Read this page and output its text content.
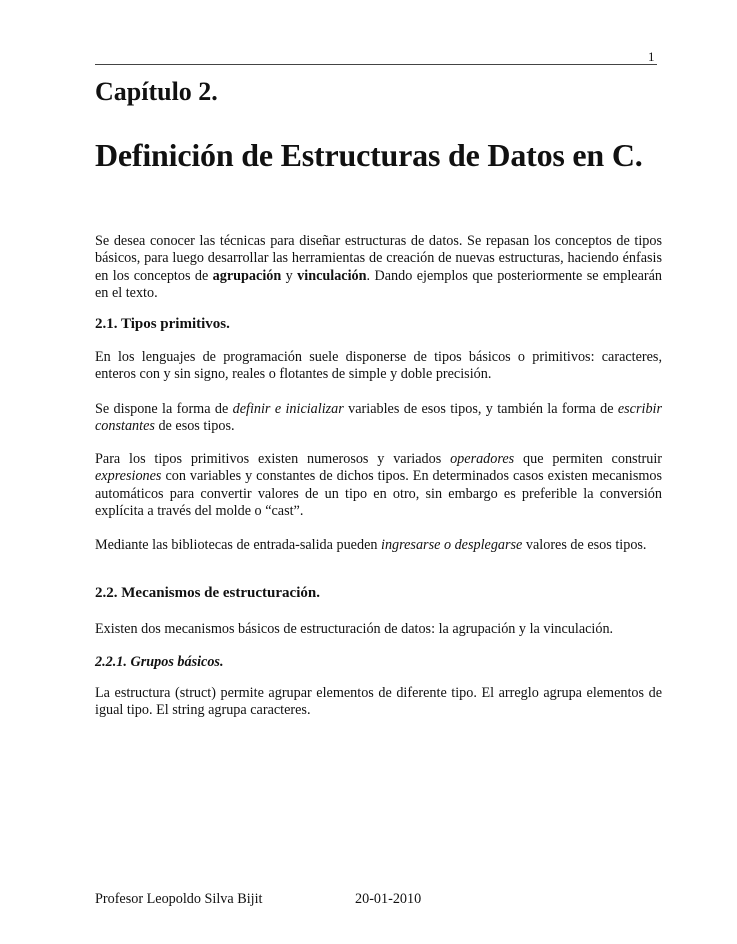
1
Capítulo 2.
Definición de Estructuras de Datos en C.

Se desea conocer las técnicas para diseñar estructuras de datos. Se repasan los conceptos de tipos básicos, para luego desarrollar las herramientas de creación de nuevas estructuras, haciendo énfasis en los conceptos de agrupación y vinculación. Dando ejemplos que posteriormente se emplearán en el texto.

2.1. Tipos primitivos.

En los lenguajes de programación suele disponerse de tipos básicos o primitivos: caracteres, enteros con y sin signo, reales o flotantes de simple y doble precisión.

Se dispone la forma de definir e inicializar variables de esos tipos, y también la forma de escribir constantes de esos tipos.

Para los tipos primitivos existen numerosos y variados operadores que permiten construir expresiones con variables y constantes de dichos tipos. En determinados casos existen mecanismos automáticos para convertir valores de un tipo en otro, sin embargo es preferible la conversión explícita a través del molde o “cast”.

Mediante las bibliotecas de entrada-salida pueden ingresarse o desplegarse valores de esos tipos.

2.2. Mecanismos de estructuración.

Existen dos mecanismos básicos de estructuración de datos: la agrupación y la vinculación.

2.2.1. Grupos básicos.

La estructura (struct) permite agrupar elementos de diferente tipo. El arreglo agrupa elementos de igual tipo. El string agrupa caracteres.

Profesor Leopoldo Silva Bijit	20-01-2010
